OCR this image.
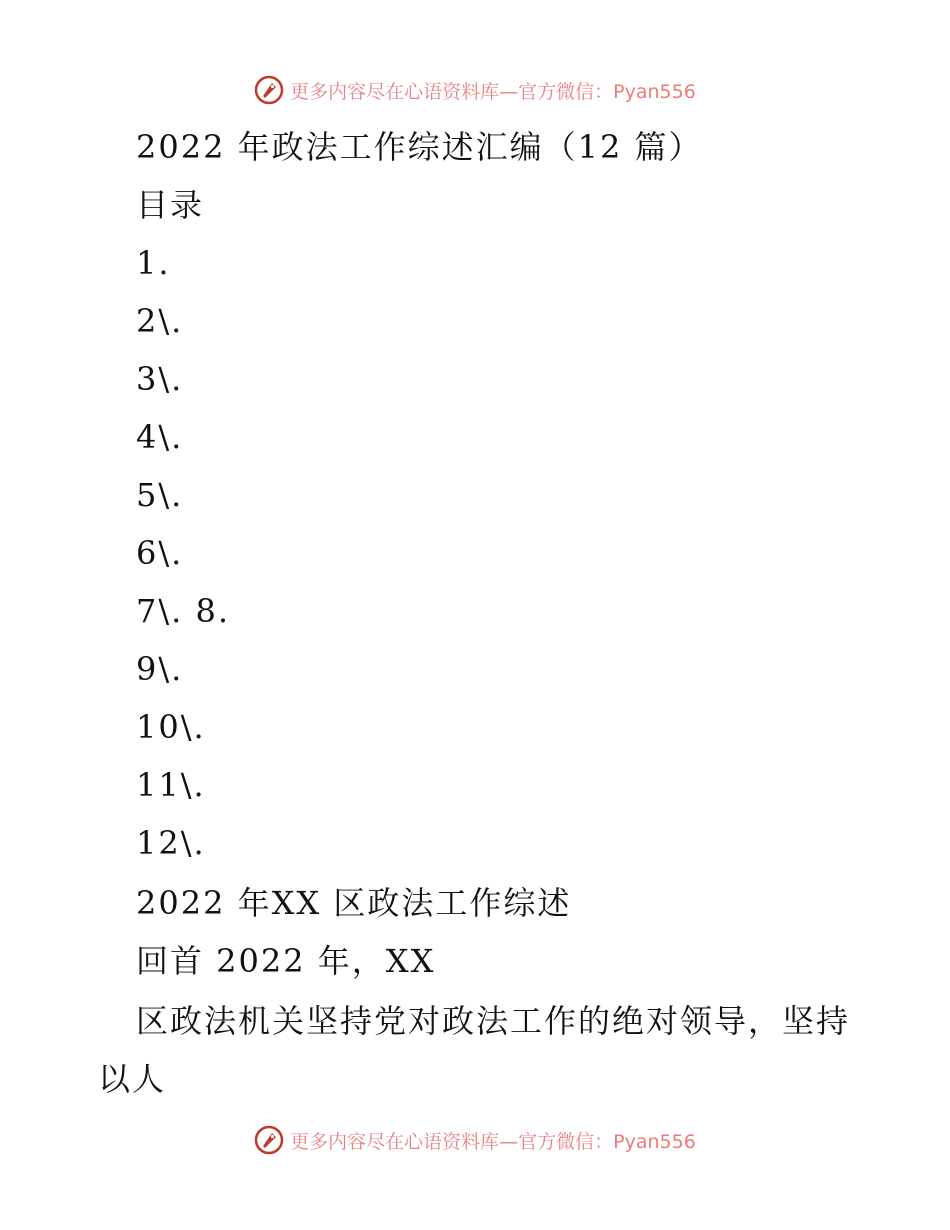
更多内容尽在心语资料库—官方微信：Pyan556
2022 年政法工作综述汇编（12 篇）
目录
1.
2\.
3\.
4\.
5\.
6\.
7\. 8.
9\.
10\.
11\.
12\.
2022 年XX 区政法工作综述
回首 2022 年，XX
区政法机关坚持党对政法工作的绝对领导，坚持
以人
更多内容尽在心语资料库—官方微信：Pyan556
